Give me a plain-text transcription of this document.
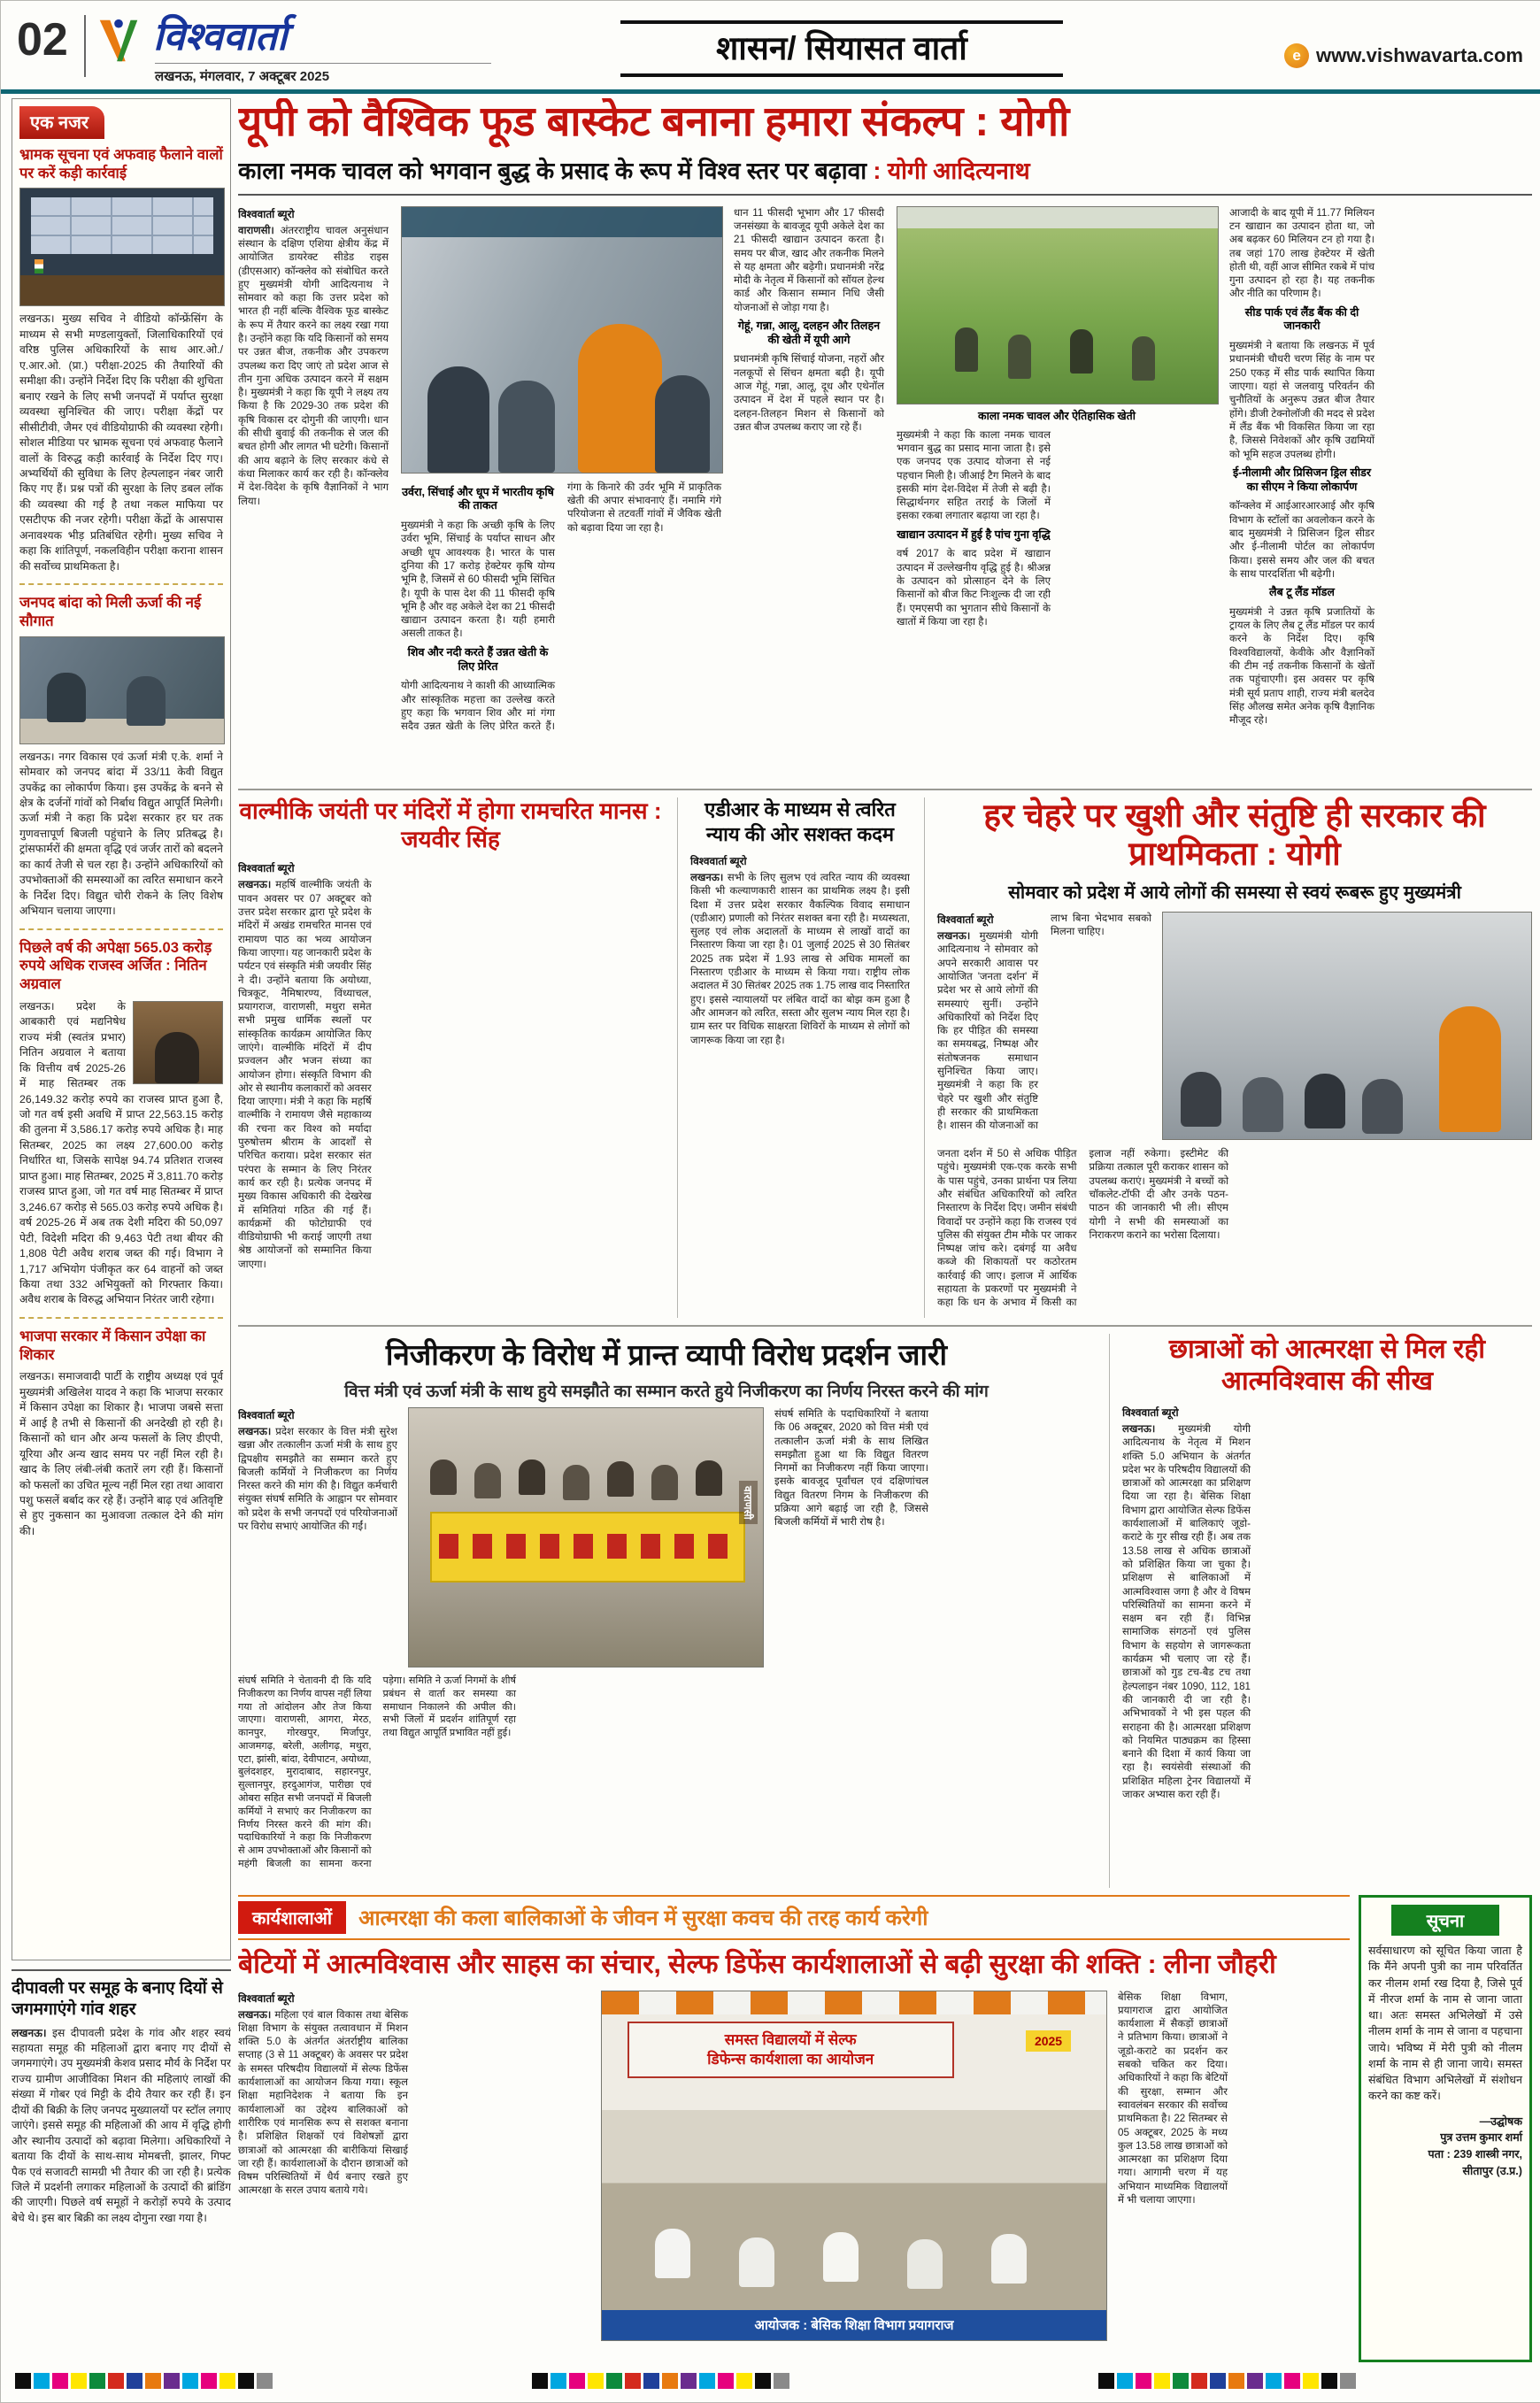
02 विश्ववार्ता
लखनऊ, मंगलवार, 7 अक्टूबर 2025
शासन/ सियासत वार्ता	e www.vishwavarta.com
एक नजर
भ्रामक सूचना एवं अफवाह फैलाने वालों पर करें कड़ी कार्रवाई

लखनऊ। मुख्य सचिव ने वीडियो कॉन्फ्रेंसिंग के माध्यम से सभी मण्डलायुक्तों, जिलाधिकारियों एवं वरिष्ठ पुलिस अधिकारियों के साथ आर.ओ./ए.आर.ओ. (प्रा.) परीक्षा-2025 की तैयारियों की समीक्षा की। उन्होंने निर्देश दिए कि परीक्षा की शुचिता बनाए रखने के लिए सभी जनपदों में पर्याप्त सुरक्षा व्यवस्था सुनिश्चित की जाए। परीक्षा केंद्रों पर सीसीटीवी, जैमर एवं वीडियोग्राफी की व्यवस्था रहेगी। सोशल मीडिया पर भ्रामक सूचना एवं अफवाह फैलाने वालों के विरुद्ध कड़ी कार्रवाई के निर्देश दिए गए। अभ्यर्थियों की सुविधा के लिए हेल्पलाइन नंबर जारी किए गए हैं। प्रश्न पत्रों की सुरक्षा के लिए डबल लॉक की व्यवस्था की गई है तथा नकल माफिया पर एसटीएफ की नजर रहेगी। परीक्षा केंद्रों के आसपास अनावश्यक भीड़ प्रतिबंधित रहेगी। मुख्य सचिव ने कहा कि शांतिपूर्ण, नकलविहीन परीक्षा कराना शासन की सर्वोच्च प्राथमिकता है।

जनपद बांदा को मिली ऊर्जा की नई सौगात

लखनऊ। नगर विकास एवं ऊर्जा मंत्री ए.के. शर्मा ने सोमवार को जनपद बांदा में 33/11 केवी विद्युत उपकेंद्र का लोकार्पण किया। इस उपकेंद्र के बनने से क्षेत्र के दर्जनों गांवों को निर्बाध विद्युत आपूर्ति मिलेगी। ऊर्जा मंत्री ने कहा कि प्रदेश सरकार हर घर तक गुणवत्तापूर्ण बिजली पहुंचाने के लिए प्रतिबद्ध है। ट्रांसफार्मरों की क्षमता वृद्धि एवं जर्जर तारों को बदलने का कार्य तेजी से चल रहा है। उन्होंने अधिकारियों को उपभोक्ताओं की समस्याओं का त्वरित समाधान करने के निर्देश दिए। विद्युत चोरी रोकने के लिए विशेष अभियान चलाया जाएगा।

पिछले वर्ष की अपेक्षा 565.03 करोड़ रुपये अधिक राजस्व अर्जित : नितिन अग्रवाल

लखनऊ। प्रदेश के आबकारी एवं मद्यनिषेध राज्य मंत्री (स्वतंत्र प्रभार) नितिन अग्रवाल ने बताया कि वित्तीय वर्ष 2025-26 में माह सितम्बर तक 26,149.32 करोड़ रुपये का राजस्व प्राप्त हुआ है, जो गत वर्ष इसी अवधि में प्राप्त 22,563.15 करोड़ की तुलना में 3,586.17 करोड़ रुपये अधिक है। माह सितम्बर, 2025 का लक्ष्य 27,600.00 करोड़ निर्धारित था, जिसके सापेक्ष 94.74 प्रतिशत राजस्व प्राप्त हुआ। माह सितम्बर, 2025 में 3,811.70 करोड़ राजस्व प्राप्त हुआ, जो गत वर्ष माह सितम्बर में प्राप्त 3,246.67 करोड़ से 565.03 करोड़ रुपये अधिक है। वर्ष 2025-26 में अब तक देशी मदिरा की 50,097 पेटी, विदेशी मदिरा की 9,463 पेटी तथा बीयर की 1,808 पेटी अवैध शराब जब्त की गई। विभाग ने 1,717 अभियोग पंजीकृत कर 64 वाहनों को जब्त किया तथा 332 अभियुक्तों को गिरफ्तार किया। अवैध शराब के विरुद्ध अभियान निरंतर जारी रहेगा।

भाजपा सरकार में किसान उपेक्षा का शिकार

लखनऊ। समाजवादी पार्टी के राष्ट्रीय अध्यक्ष एवं पूर्व मुख्यमंत्री अखिलेश यादव ने कहा कि भाजपा सरकार में किसान उपेक्षा का शिकार है। भाजपा जबसे सत्ता में आई है तभी से किसानों की अनदेखी हो रही है। किसानों को धान और अन्य फसलों के लिए डीएपी, यूरिया और अन्य खाद समय पर नहीं मिल रही है। खाद के लिए लंबी-लंबी कतारें लग रही हैं। किसानों को फसलों का उचित मूल्य नहीं मिल रहा तथा आवारा पशु फसलें बर्बाद कर रहे हैं। उन्होंने बाढ़ एवं अतिवृष्टि से हुए नुकसान का मुआवजा तत्काल देने की मांग की।

यूपी को वैश्विक फूड बास्केट बनाना हमारा संकल्प : योगी
काला नमक चावल को भगवान बुद्ध के प्रसाद के रूप में विश्व स्तर पर बढ़ावा : योगी आदित्यनाथ
विश्ववार्ता ब्यूरो

वाराणसी। अंतरराष्ट्रीय चावल अनुसंधान संस्थान के दक्षिण एशिया क्षेत्रीय केंद्र में आयोजित डायरेक्ट सीडेड राइस (डीएसआर) कॉन्क्लेव को संबोधित करते हुए मुख्यमंत्री योगी आदित्यनाथ ने सोमवार को कहा कि उत्तर प्रदेश को भारत ही नहीं बल्कि वैश्विक फूड बास्केट के रूप में तैयार करने का लक्ष्य रखा गया है। उन्होंने कहा कि यदि किसानों को समय पर उन्नत बीज, तकनीक और उपकरण उपलब्ध करा दिए जाएं तो प्रदेश आज से तीन गुना अधिक उत्पादन करने में सक्षम है। मुख्यमंत्री ने कहा कि यूपी ने लक्ष्य तय किया है कि 2029-30 तक प्रदेश की कृषि विकास दर दोगुनी की जाएगी। धान की सीधी बुवाई की तकनीक से जल की बचत होगी और लागत भी घटेगी। किसानों की आय बढ़ाने के लिए सरकार कंधे से कंधा मिलाकर कार्य कर रही है। कॉन्क्लेव में देश-विदेश के कृषि वैज्ञानिकों ने भाग लिया।

उर्वरा, सिंचाई और धूप में भारतीय कृषि की ताकत

मुख्यमंत्री ने कहा कि अच्छी कृषि के लिए उर्वरा भूमि, सिंचाई के पर्याप्त साधन और अच्छी धूप आवश्यक है। भारत के पास दुनिया की 17 करोड़ हेक्टेयर कृषि योग्य भूमि है, जिसमें से 60 फीसदी भूमि सिंचित है। यूपी के पास देश की 11 फीसदी कृषि भूमि है और वह अकेले देश का 21 फीसदी खाद्यान उत्पादन करता है। यही हमारी असली ताकत है।

शिव और नदी करते हैं उन्नत खेती के लिए प्रेरित

योगी आदित्यनाथ ने काशी की आध्यात्मिक और सांस्कृतिक महत्ता का उल्लेख करते हुए कहा कि भगवान शिव और मां गंगा सदैव उन्नत खेती के लिए प्रेरित करते हैं। गंगा के किनारे की उर्वर भूमि में प्राकृतिक खेती की अपार संभावनाएं हैं। नमामि गंगे परियोजना से तटवर्ती गांवों में जैविक खेती को बढ़ावा दिया जा रहा है।

धान 11 फीसदी भूभाग और 17 फीसदी जनसंख्या के बावजूद यूपी अकेले देश का 21 फीसदी खाद्यान उत्पादन करता है। समय पर बीज, खाद और तकनीक मिलने से यह क्षमता और बढ़ेगी। प्रधानमंत्री नरेंद्र मोदी के नेतृत्व में किसानों को सॉयल हेल्थ कार्ड और किसान सम्मान निधि जैसी योजनाओं से जोड़ा गया है।

गेहूं, गन्ना, आलू, दलहन और तिलहन की खेती में यूपी आगे

प्रधानमंत्री कृषि सिंचाई योजना, नहरों और नलकूपों से सिंचन क्षमता बढ़ी है। यूपी आज गेहूं, गन्ना, आलू, दूध और एथेनॉल उत्पादन में देश में पहले स्थान पर है। दलहन-तिलहन मिशन से किसानों को उन्नत बीज उपलब्ध कराए जा रहे हैं।

काला नमक चावल और ऐतिहासिक खेती

मुख्यमंत्री ने कहा कि काला नमक चावल भगवान बुद्ध का प्रसाद माना जाता है। इसे एक जनपद एक उत्पाद योजना से नई पहचान मिली है। जीआई टैग मिलने के बाद इसकी मांग देश-विदेश में तेजी से बढ़ी है। सिद्धार्थनगर सहित तराई के जिलों में इसका रकबा लगातार बढ़ाया जा रहा है।

खाद्यान उत्पादन में हुई है पांच गुना वृद्धि

वर्ष 2017 के बाद प्रदेश में खाद्यान उत्पादन में उल्लेखनीय वृद्धि हुई है। श्रीअन्न के उत्पादन को प्रोत्साहन देने के लिए किसानों को बीज किट निःशुल्क दी जा रही हैं। एमएसपी का भुगतान सीधे किसानों के खातों में किया जा रहा है।

आजादी के बाद यूपी में 11.77 मिलियन टन खाद्यान का उत्पादन होता था, जो अब बढ़कर 60 मिलियन टन हो गया है। तब जहां 170 लाख हेक्टेयर में खेती होती थी, वहीं आज सीमित रकबे में पांच गुना उत्पादन हो रहा है। यह तकनीक और नीति का परिणाम है।

सीड पार्क एवं लैंड बैंक की दी जानकारी

मुख्यमंत्री ने बताया कि लखनऊ में पूर्व प्रधानमंत्री चौधरी चरण सिंह के नाम पर 250 एकड़ में सीड पार्क स्थापित किया जाएगा। यहां से जलवायु परिवर्तन की चुनौतियों के अनुरूप उन्नत बीज तैयार होंगे। डीजी टेक्नोलॉजी की मदद से प्रदेश में लैंड बैंक भी विकसित किया जा रहा है, जिससे निवेशकों और कृषि उद्यमियों को भूमि सहज उपलब्ध होगी।

ई-नीलामी और प्रिसिजन ड्रिल सीडर का सीएम ने किया लोकार्पण

कॉन्क्लेव में आईआरआरआई और कृषि विभाग के स्टॉलों का अवलोकन करने के बाद मुख्यमंत्री ने प्रिसिजन ड्रिल सीडर और ई-नीलामी पोर्टल का लोकार्पण किया। इससे समय और जल की बचत के साथ पारदर्शिता भी बढ़ेगी।

लैब टू लैंड मॉडल

मुख्यमंत्री ने उन्नत कृषि प्रजातियों के ट्रायल के लिए लैब टू लैंड मॉडल पर कार्य करने के निर्देश दिए। कृषि विश्वविद्यालयों, केवीके और वैज्ञानिकों की टीम नई तकनीक किसानों के खेतों तक पहुंचाएगी। इस अवसर पर कृषि मंत्री सूर्य प्रताप शाही, राज्य मंत्री बलदेव सिंह औलख समेत अनेक कृषि वैज्ञानिक मौजूद रहे।

वाल्मीकि जयंती पर मंदिरों में होगा रामचरित मानस : जयवीर सिंह
विश्ववार्ता ब्यूरो

लखनऊ। महर्षि वाल्मीकि जयंती के पावन अवसर पर 07 अक्टूबर को उत्तर प्रदेश सरकार द्वारा पूरे प्रदेश के मंदिरों में अखंड रामचरित मानस एवं रामायण पाठ का भव्य आयोजन किया जाएगा। यह जानकारी प्रदेश के पर्यटन एवं संस्कृति मंत्री जयवीर सिंह ने दी। उन्होंने बताया कि अयोध्या, चित्रकूट, नैमिषारण्य, विंध्याचल, प्रयागराज, वाराणसी, मथुरा समेत सभी प्रमुख धार्मिक स्थलों पर सांस्कृतिक कार्यक्रम आयोजित किए जाएंगे। वाल्मीकि मंदिरों में दीप प्रज्वलन और भजन संध्या का आयोजन होगा। संस्कृति विभाग की ओर से स्थानीय कलाकारों को अवसर दिया जाएगा। मंत्री ने कहा कि महर्षि वाल्मीकि ने रामायण जैसे महाकाव्य की रचना कर विश्व को मर्यादा पुरुषोत्तम श्रीराम के आदर्शों से परिचित कराया। प्रदेश सरकार संत परंपरा के सम्मान के लिए निरंतर कार्य कर रही है। प्रत्येक जनपद में मुख्य विकास अधिकारी की देखरेख में समितियां गठित की गई हैं। कार्यक्रमों की फोटोग्राफी एवं वीडियोग्राफी भी कराई जाएगी तथा श्रेष्ठ आयोजनों को सम्मानित किया जाएगा।

एडीआर के माध्यम से त्वरित न्याय की ओर सशक्त कदम
विश्ववार्ता ब्यूरो

लखनऊ। सभी के लिए सुलभ एवं त्वरित न्याय की व्यवस्था किसी भी कल्याणकारी शासन का प्राथमिक लक्ष्य है। इसी दिशा में उत्तर प्रदेश सरकार वैकल्पिक विवाद समाधान (एडीआर) प्रणाली को निरंतर सशक्त बना रही है। मध्यस्थता, सुलह एवं लोक अदालतों के माध्यम से लाखों वादों का निस्तारण किया जा रहा है। 01 जुलाई 2025 से 30 सितंबर 2025 तक प्रदेश में 1.93 लाख से अधिक मामलों का निस्तारण एडीआर के माध्यम से किया गया। राष्ट्रीय लोक अदालत में 30 सितंबर 2025 तक 1.75 लाख वाद निस्तारित हुए। इससे न्यायालयों पर लंबित वादों का बोझ कम हुआ है और आमजन को त्वरित, सस्ता और सुलभ न्याय मिल रहा है। ग्राम स्तर पर विधिक साक्षरता शिविरों के माध्यम से लोगों को जागरूक किया जा रहा है।

हर चेहरे पर खुशी और संतुष्टि ही सरकार की प्राथमिकता : योगी
सोमवार को प्रदेश में आये लोगों की समस्या से स्वयं रूबरू हुए मुख्यमंत्री
विश्ववार्ता ब्यूरो

लखनऊ। मुख्यमंत्री योगी आदित्यनाथ ने सोमवार को अपने सरकारी आवास पर आयोजित 'जनता दर्शन' में प्रदेश भर से आये लोगों की समस्याएं सुनीं। उन्होंने अधिकारियों को निर्देश दिए कि हर पीड़ित की समस्या का समयबद्ध, निष्पक्ष और संतोषजनक समाधान सुनिश्चित किया जाए। मुख्यमंत्री ने कहा कि हर चेहरे पर खुशी और संतुष्टि ही सरकार की प्राथमिकता है। शासन की योजनाओं का लाभ बिना भेदभाव सबको मिलना चाहिए।

जनता दर्शन में 50 से अधिक पीड़ित पहुंचे। मुख्यमंत्री एक-एक करके सभी के पास पहुंचे, उनका प्रार्थना पत्र लिया और संबंधित अधिकारियों को त्वरित निस्तारण के निर्देश दिए। जमीन संबंधी विवादों पर उन्होंने कहा कि राजस्व एवं पुलिस की संयुक्त टीम मौके पर जाकर निष्पक्ष जांच करे। दबंगई या अवैध कब्जे की शिकायतों पर कठोरतम कार्रवाई की जाए। इलाज में आर्थिक सहायता के प्रकरणों पर मुख्यमंत्री ने कहा कि धन के अभाव में किसी का इलाज नहीं रुकेगा। इस्टीमेट की प्रक्रिया तत्काल पूरी कराकर शासन को उपलब्ध कराएं। मुख्यमंत्री ने बच्चों को चॉकलेट-टॉफी दी और उनके पठन-पाठन की जानकारी भी ली। सीएम योगी ने सभी की समस्याओं का निराकरण कराने का भरोसा दिलाया।
निजीकरण के विरोध में प्रान्त व्यापी विरोध प्रदर्शन जारी
वित्त मंत्री एवं ऊर्जा मंत्री के साथ हुये समझौते का सम्मान करते हुये निजीकरण का निर्णय निरस्त करने की मांग
विश्ववार्ता ब्यूरो

लखनऊ। प्रदेश सरकार के वित्त मंत्री सुरेश खन्ना और तत्कालीन ऊर्जा मंत्री के साथ हुए द्विपक्षीय समझौते का सम्मान करते हुए बिजली कर्मियों ने निजीकरण का निर्णय निरस्त करने की मांग की है। विद्युत कर्मचारी संयुक्त संघर्ष समिति के आह्वान पर सोमवार को प्रदेश के सभी जनपदों एवं परियोजनाओं पर विरोध सभाएं आयोजित की गईं।

वाराणसी
संघर्ष समिति के पदाधिकारियों ने बताया कि 06 अक्टूबर, 2020 को वित्त मंत्री एवं तत्कालीन ऊर्जा मंत्री के साथ लिखित समझौता हुआ था कि विद्युत वितरण निगमों का निजीकरण नहीं किया जाएगा। इसके बावजूद पूर्वांचल एवं दक्षिणांचल विद्युत वितरण निगम के निजीकरण की प्रक्रिया आगे बढ़ाई जा रही है, जिससे बिजली कर्मियों में भारी रोष है।
संघर्ष समिति ने चेतावनी दी कि यदि निजीकरण का निर्णय वापस नहीं लिया गया तो आंदोलन और तेज किया जाएगा। वाराणसी, आगरा, मेरठ, कानपुर, गोरखपुर, मिर्जापुर, आजमगढ़, बरेली, अलीगढ़, मथुरा, एटा, झांसी, बांदा, देवीपाटन, अयोध्या, बुलंदशहर, मुरादाबाद, सहारनपुर, सुल्तानपुर, हरदुआगंज, पारीछा एवं ओबरा सहित सभी जनपदों में बिजली कर्मियों ने सभाएं कर निजीकरण का निर्णय निरस्त करने की मांग की। पदाधिकारियों ने कहा कि निजीकरण से आम उपभोक्ताओं और किसानों को महंगी बिजली का सामना करना पड़ेगा। समिति ने ऊर्जा निगमों के शीर्ष प्रबंधन से वार्ता कर समस्या का समाधान निकालने की अपील की। सभी जिलों में प्रदर्शन शांतिपूर्ण रहा तथा विद्युत आपूर्ति प्रभावित नहीं हुई।
छात्राओं को आत्मरक्षा से मिल रही आत्मविश्वास की सीख
विश्ववार्ता ब्यूरो

लखनऊ। मुख्यमंत्री योगी आदित्यनाथ के नेतृत्व में मिशन शक्ति 5.0 अभियान के अंतर्गत प्रदेश भर के परिषदीय विद्यालयों की छात्राओं को आत्मरक्षा का प्रशिक्षण दिया जा रहा है। बेसिक शिक्षा विभाग द्वारा आयोजित सेल्फ डिफेंस कार्यशालाओं में बालिकाएं जूडो-कराटे के गुर सीख रही हैं। अब तक 13.58 लाख से अधिक छात्राओं को प्रशिक्षित किया जा चुका है। प्रशिक्षण से बालिकाओं में आत्मविश्वास जगा है और वे विषम परिस्थितियों का सामना करने में सक्षम बन रही हैं। विभिन्न सामाजिक संगठनों एवं पुलिस विभाग के सहयोग से जागरूकता कार्यक्रम भी चलाए जा रहे हैं। छात्राओं को गुड टच-बैड टच तथा हेल्पलाइन नंबर 1090, 112, 181 की जानकारी दी जा रही है। अभिभावकों ने भी इस पहल की सराहना की है। आत्मरक्षा प्रशिक्षण को नियमित पाठ्यक्रम का हिस्सा बनाने की दिशा में कार्य किया जा रहा है। स्वयंसेवी संस्थाओं की प्रशिक्षित महिला ट्रेनर विद्यालयों में जाकर अभ्यास करा रही हैं।

कार्यशालाओं	आत्मरक्षा की कला बालिकाओं के जीवन में सुरक्षा कवच की तरह कार्य करेगी
बेटियों में आत्मविश्वास और साहस का संचार, सेल्फ डिफेंस कार्यशालाओं से बढ़ी सुरक्षा की शक्ति : लीना जौहरी
विश्ववार्ता ब्यूरो

लखनऊ। महिला एवं बाल विकास तथा बेसिक शिक्षा विभाग के संयुक्त तत्वावधान में मिशन शक्ति 5.0 के अंतर्गत अंतर्राष्ट्रीय बालिका सप्ताह (3 से 11 अक्टूबर) के अवसर पर प्रदेश के समस्त परिषदीय विद्यालयों में सेल्फ डिफेंस कार्यशालाओं का आयोजन किया गया। स्कूल शिक्षा महानिदेशक ने बताया कि इ‍न कार्यशालाओं का उद्देश्य बालिकाओं को शारीरिक एवं मानसिक रूप से सशक्त बनाना है। प्रशिक्षित शिक्षकों एवं विशेषज्ञों द्वारा छात्राओं को आत्मरक्षा की बारीकियां सिखाई जा रही हैं। कार्यशालाओं के दौरान छात्राओं को विषम परिस्थितियों में धैर्य बनाए रखते हुए आत्मरक्षा के सरल उपाय बताये गये।

समस्त विद्यालयों में सेल्फ
डिफेन्स कार्यशाला का आयोजन
2025
आयोजक : बेसिक शिक्षा विभाग प्रयागराज
बेसिक शिक्षा विभाग, प्रयागराज द्वारा आयोजित कार्यशाला में सैकड़ों छात्राओं ने प्रतिभाग किया। छात्राओं ने जूडो-कराटे का प्रदर्शन कर सबको चकित कर दिया। अधिकारियों ने कहा कि बेटियों की सुरक्षा, सम्मान और स्वावलंबन सरकार की सर्वोच्च प्राथमिकता है। 22 सितम्बर से 05 अक्टूबर, 2025 के मध्य कुल 13.58 लाख छात्राओं को आत्मरक्षा का प्रशिक्षण दिया गया। आगामी चरण में यह अभियान माध्यमिक विद्यालयों में भी चलाया जाएगा।
सूचना

सर्वसाधारण को सूचित किया जाता है कि मैंने अपनी पुत्री का नाम परिवर्तित कर नीलम शर्मा रख दिया है, जिसे पूर्व में नीरज शर्मा के नाम से जाना जाता था। अतः समस्त अभिलेखों में उसे नीलम शर्मा के नाम से जाना व पहचाना जाये। भविष्य में मेरी पुत्री को नीलम शर्मा के नाम से ही जाना जाये। समस्त संबंधित विभाग अभिलेखों में संशोधन करने का कष्ट करें।

—उद्घोषक
पुत्र उत्तम कुमार शर्मा
पता : 239 शास्त्री नगर,
सीतापुर (उ.प्र.)
दीपावली पर समूह के बनाए दियों से जगमगाएंगे गांव शहर

लखनऊ। इस दीपावली प्रदेश के गांव और शहर स्वयं सहायता समूह की महिलाओं द्वारा बनाए गए दीयों से जगमगाएंगे। उप मुख्यमंत्री केशव प्रसाद मौर्य के निर्देश पर राज्य ग्रामीण आजीविका मिशन की महिलाएं लाखों की संख्या में गोबर एवं मिट्टी के दीये तैयार कर रही हैं। इन दीयों की बिक्री के लिए जनपद मुख्यालयों पर स्टॉल लगाए जाएंगे। इससे समूह की महिलाओं की आय में वृद्धि होगी और स्थानीय उत्पादों को बढ़ावा मिलेगा। अधिकारियों ने बताया कि दीयों के साथ-साथ मोमबत्ती, झालर, गिफ्ट पैक एवं सजावटी सामग्री भी तैयार की जा रही है। प्रत्येक जिले में प्रदर्शनी लगाकर महिलाओं के उत्पादों की ब्रांडिंग की जाएगी। पिछले वर्ष समूहों ने करोड़ों रुपये के उत्पाद बेचे थे। इस बार बिक्री का लक्ष्य दोगुना रखा गया है।
